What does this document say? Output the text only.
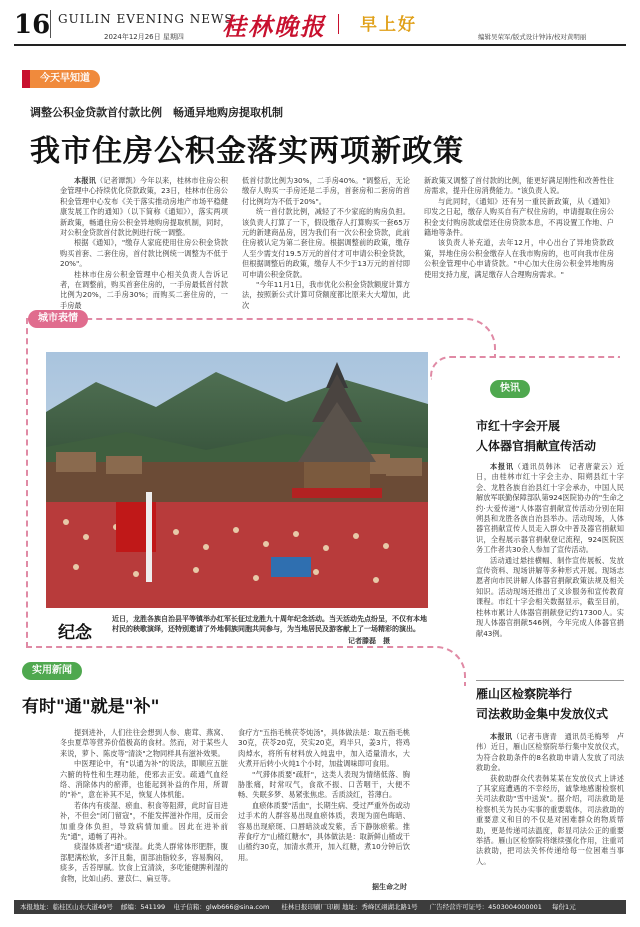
16 GUILIN EVENING NEWS
2024年12月26日 星期四 桂林晚报 早上好
编辑吴荣军/版式设计钟沛/校对黄明丽
今天早知道
调整公积金贷款首付款比例　畅通异地购房提取机制
我市住房公积金落实两项新政策

本报讯（记者谭凯）今年以来，桂林市住房公积金管理中心持续优化贷款政策，23日，桂林市住房公积金管理中心发布《关于落实推动房地产市场平稳健康发展工作的通知》（以下简称《通知》），落实两项新政策，畅通住房公积金异地购房提取机制，同时，对公积金贷款首付款比例进行统一调整。

根据《通知》，"缴存人家庭使用住房公积金贷款购买首套、二套住房，首付款比例统一调整为不低于20%"。

桂林市住房公积金管理中心相关负责人告诉记者，在调整前，购买首套住房的，一手房最低首付款比例为20%，二手房30%；而购买二套住房的，一手房最

低首付款比例为30%，二手房40%。"调整后，无论缴存人购买一手房还是二手房，首套房和二套房的首付比例均为不低于20%"。

统一首付款比例，减轻了不少家庭的购房负担。该负责人打算了一下，假设缴存人打算购买一套65万元的新建商品房，因为我们有一次公积金贷款，此前住房被认定为第二套住房。根据调整前的政策，缴存人至少需支付19.5万元的首付才可申请公积金贷款，但根据调整后的政策，缴存人不少于13万元的首付即可申请公积金贷款。

"今年11月1日，我市优化公积金贷款额度计算方法，按照新公式计算可贷额度都比原来大大增加，此次

新政策又调整了首付款的比例，能更好满足刚性和改善性住房需求，提升住房消费能力。"该负责人说。

与此同时，《通知》还有另一重民新政策，从《通知》印发之日起，缴存人购买自有产权住房的，申请提取住房公积金支付购房款或偿还住房贷款本息，不再设置工作地、户籍地等条件。

该负责人补充道，去年12月，中心出台了异地贷款政策，异地住房公积金缴存人在我市购房的，也可向我市住房公积金管理中心申请贷款。"中心加大住房公积金异地购房使用支持力度，满足缴存人合理购房需求。"

城市表情
纪念
近日，龙胜各族自治县平等镇举办红军长征过龙胜九十周年纪念活动。当天活动先点纷呈，不仅有本地村民的秧歌演绎，还特别邀请了外地侗族同胞共同参与，为当地居民及游客献上了一场精彩的演出。
记者滕磊　摄
快讯
市红十字会开展
人体器官捐献宣传活动

本报讯（通讯员韩沐　记者唐蒙云）近日，由桂林市红十字会主办、阳朔县红十字会、龙胜各族自治县红十字会承办，中国人民解放军联勤保障部队第924医院协办的"生命之约·大爱传递"人体器官捐献宣传活动分别在阳朔县和龙胜各族自治县举办。活动现场，人体器官捐献宣传人员走入群众中普及器官捐献知识，全程展示器官捐献登记流程，924医院医务工作者共30余人参加了宣传活动。

活动通过悬挂横幅、制作宣传展板、发放宣传资料、现场讲解等多种形式开展。现场志愿者向市民讲解人体器官捐献政策法规及相关知识。活动现场还推出了义诊服务和宣传教育课程。市红十字会相关数据显示，截至目前，桂林市累计人体器官捐献登记约17300人。实现人体器官捐献546例，今年完成人体器官捐献43例。

雁山区检察院举行
司法救助金集中发放仪式

本报讯（记者韦唐青　通讯员毛梅琴　卢伟）近日，雁山区检察院举行集中发放仪式，为符合救助条件的8名救助申请人发放了司法救助金。

获救助群众代表韩某某在发放仪式上讲述了其家庭遭遇的不幸经历，诚挚地感谢检察机关司法救助"雪中送炭"。据介绍，司法救助是检察机关为民办实事的重要载体，司法救助的重要意义和目的不仅是对困难群众的物质帮助，更是传递司法温度，彰显司法公正的重要举措。雁山区检察院将继续强化作用，注重司法救助，把司法关怀传递给每一位困难当事人。

实用新闻
有时"通"就是"补"

提到进补，人们往往会想到人参、鹿茸、燕窝、冬虫夏草等营养价值极高的食材。然而，对于某些人来说，萝卜、陈皮等"清淡"之物同样具有滋补效果。

中医理论中，有"以通为补"的说法，即顺应五脏六腑的特性和生理功能，使邪去正安。疏通气血经络、消除体内的瘀滞，也能起到补益的作用，所谓的"补"，意在补其不足，恢复人体机能。

若体内有痰湿、瘀血、积食等阻滞，此时盲目进补，不但会"闭门留寇"，不能发挥滋补作用，反而会加重身体负担，导致病情加重。因此在进补前先"通"，通畅了再补。

痰湿体质者"通"痰湿。此类人群常体形肥胖，腹部肥满松软，多汗且黏，面部油脂较多，容易胸闷，痰多，舌苔厚腻。饮食上宜清淡，多吃能健脾利湿的食物，比如山药、薏苡仁、扁豆等。

食疗方"五指毛桃茯苓炖汤"，具体做法是：取五指毛桃30克，茯苓20克，芡实20克，鸡半只，姜3片，将鸡肉焯水，将所有材料放入炖盅中，加入适量清水，大火煮开后转小火炖1个小时，加盐调味即可食用。

"气滞体质要"疏肝"，这类人表现为情绪低落、胸胁胀痛，时常叹气，食欲不振、口苦咽干，大便不畅、失眠多梦、易紧张焦虑。舌质淡红，苔薄白。

血瘀体质要"活血"，长期生病、受过严重外伤或动过手术的人群容易出现血瘀体质，表现为面色晦暗、容易出现瘀斑、口唇暗淡或发紫，舌下静脉瘀紫。推荐食疗方"山楂红糖水"，具体做法是：取新鲜山楂或干山楂约30克，加清水煮开，加入红糖，煮10分钟后饮用。

据生命之时
本报地址：临桂区山水大道49号 邮编：541199 电子信箱：glwb666@sina.com 桂林日报印刷厂印刷 地址：秀峰区翊湖北路1号 广告经营许可证号：4503004000001 每份1元
